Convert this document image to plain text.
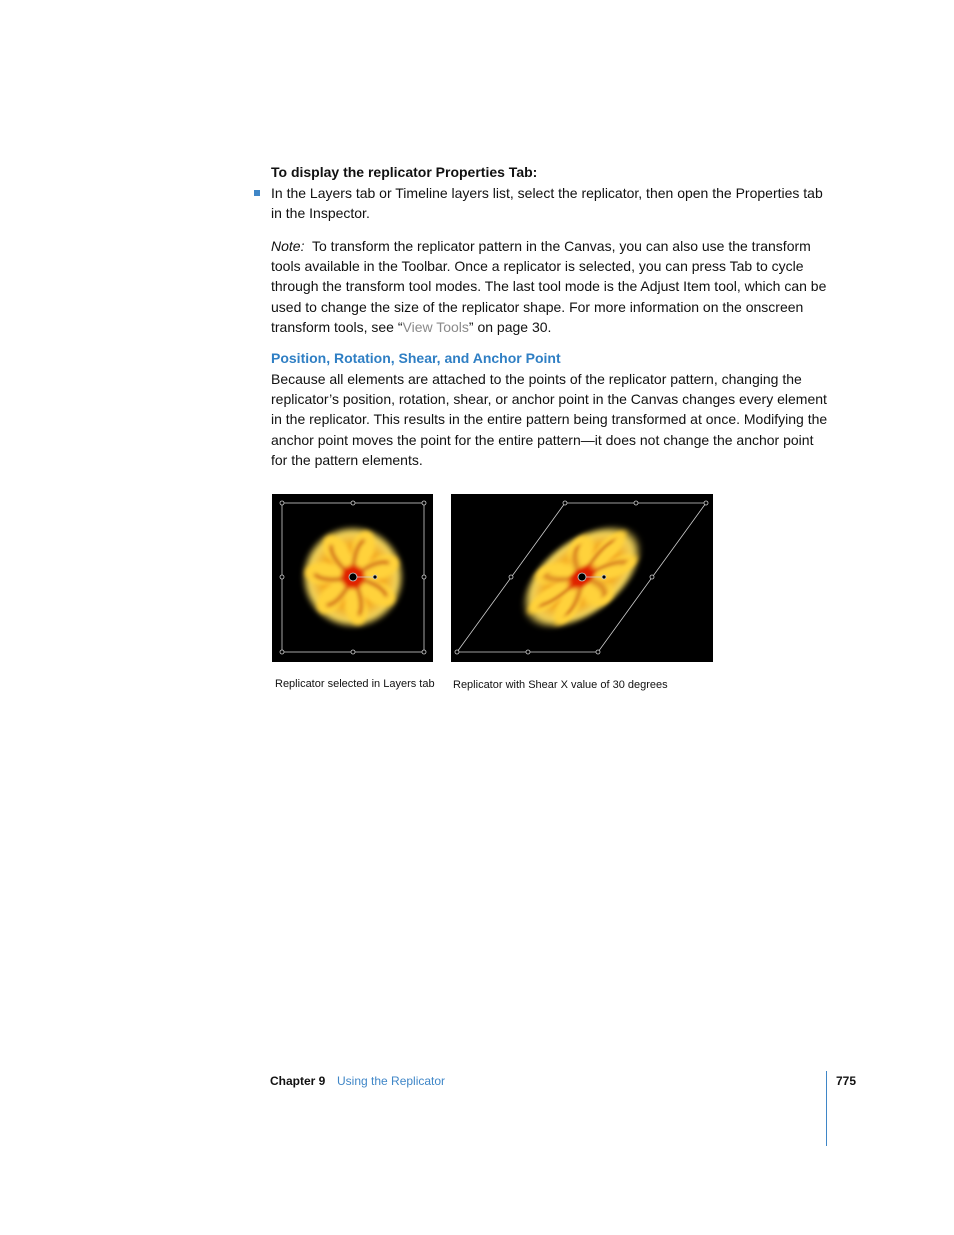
To display the replicator Properties Tab:

In the Layers tab or Timeline layers list, select the replicator, then open the Properties tab in the Inspector.

Note: To transform the replicator pattern in the Canvas, you can also use the transform tools available in the Toolbar. Once a replicator is selected, you can press Tab to cycle through the transform tool modes. The last tool mode is the Adjust Item tool, which can be used to change the size of the replicator shape. For more information on the onscreen transform tools, see “View Tools” on page 30.

Position, Rotation, Shear, and Anchor Point

Because all elements are attached to the points of the replicator pattern, changing the replicator’s position, rotation, shear, or anchor point in the Canvas changes every element in the replicator. This results in the entire pattern being transformed at once. Modifying the anchor point moves the point for the entire pattern—it does not change the anchor point for the pattern elements.

Replicator selected in Layers tab Replicator with Shear X value of 30 degrees
Chapter 9 Using the Replicator	775
